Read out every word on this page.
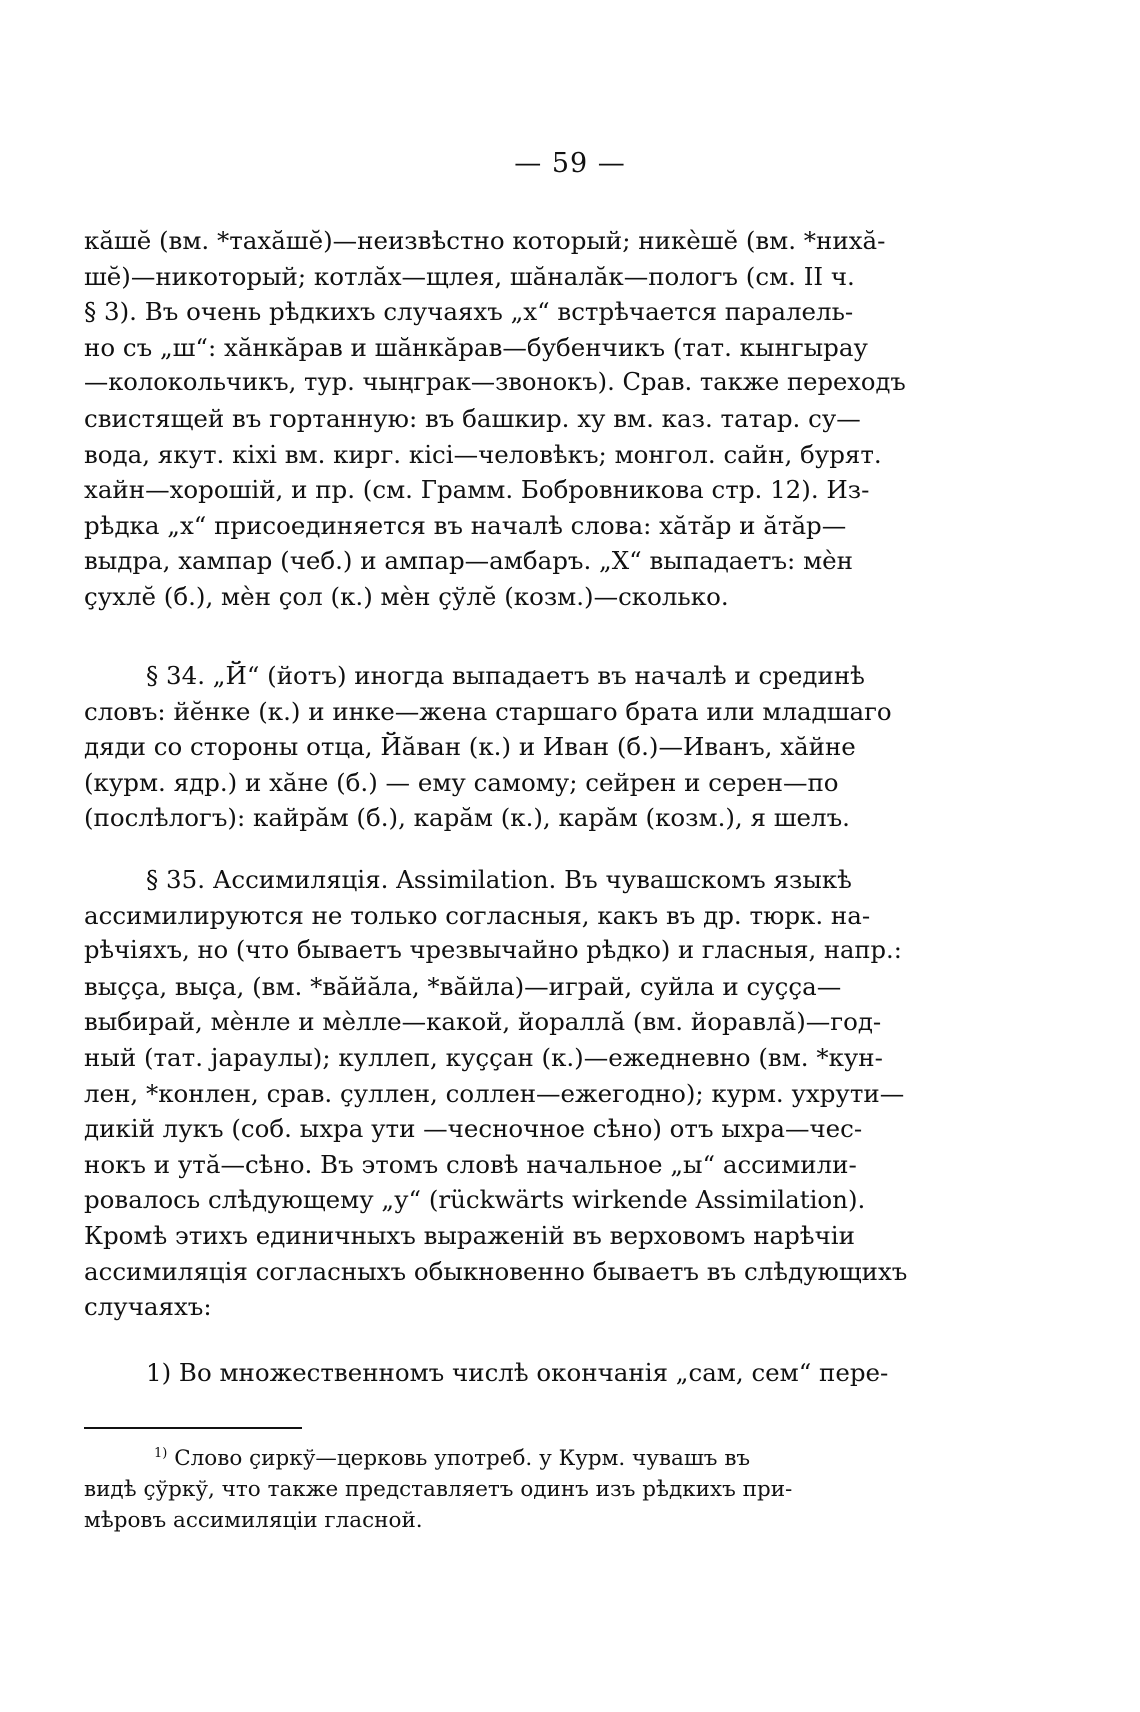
— 59 —
кӑшӗ (вм. *тахӑшӗ)—неизвѣстно который; никѐшӗ (вм. *нихӑ-
шӗ)—никоторый; котлӑх—щлея, шӑналӑк—пологъ (см. II ч.
§ 3). Въ очень рѣдкихъ случаяхъ „х“ встрѣчается паралель-
но съ „ш“: хӑнкӑрав и шӑнкӑрав—бубенчикъ (тат. кынгырау
—колокольчикъ, тур. чыңграк—звонокъ). Срав. также переходъ
свистящей въ гортанную: въ башкир. ху вм. каз. татар. су—
вода, якут. кіхі вм. кирг. кісі—человѣкъ; монгол. сайн, бурят.
хайн—хорошій, и пр. (см. Грамм. Бобровникова стр. 12). Из-
рѣдка „х“ присоединяется въ началѣ слова: хӑтӑр и ӑтӑр—
выдра, хампар (чеб.) и ампар—амбаръ. „Х“ выпадаетъ: мѐн
ҫухлӗ (б.), мѐн ҫол (к.) мѐн ҫўлӗ (козм.)—сколько.
§ 34. „Й“ (йотъ) иногда выпадаетъ въ началѣ и срединѣ
словъ: йӗнке (к.) и инке—жена старшаго брата или младшаго
дяди со стороны отца, Йӑван (к.) и Иван (б.)—Иванъ, хӑйне
(курм. ядр.) и хӑне (б.) — ему самому; сейрен и серен—по
(послѣлогъ): кайрӑм (б.), карӑм (к.), карӑм (козм.), я шелъ.
§ 35. Ассимиляція. Assimilation. Въ чувашскомъ языкѣ
ассимилируются не только согласныя, какъ въ др. тюрк. на-
рѣчіяхъ, но (что бываетъ чрезвычайно рѣдко) и гласныя, напр.:
выҫҫа, выҫа, (вм. *вӑйӑла, *вӑйла)—играй, суйла и суҫҫа—
выбирай, мѐнле и мѐлле—какой, йораллӑ (вм. йоравлӑ)—год-
ный (тат. jараулы); куллеп, куҫҫан (к.)—ежедневно (вм. *кун-
лен, *конлен, срав. ҫуллен, соллен—ежегодно); курм. ухрути—
дикій лукъ (соб. ыхра ути —чесночное сѣно) отъ ыхра—чес-
нокъ и утӑ—сѣно. Въ этомъ словѣ начальное „ы“ ассимили-
ровалось слѣдующему „у“ (rückwärts wirkende Assimilation).
Кромѣ этихъ единичныхъ выраженій въ верховомъ нарѣчіи
ассимиляція согласныхъ обыкновенно бываетъ въ слѣдующихъ
случаяхъ:
1) Во множественномъ числѣ окончанія „сам, сем“ пере-
$^{1)}$ Слово ҫиркў—церковь употреб. у Курм. чувашъ въ
видѣ ҫўркў, что также представляетъ одинъ изъ рѣдкихъ при-
мѣровъ ассимиляціи гласной.
